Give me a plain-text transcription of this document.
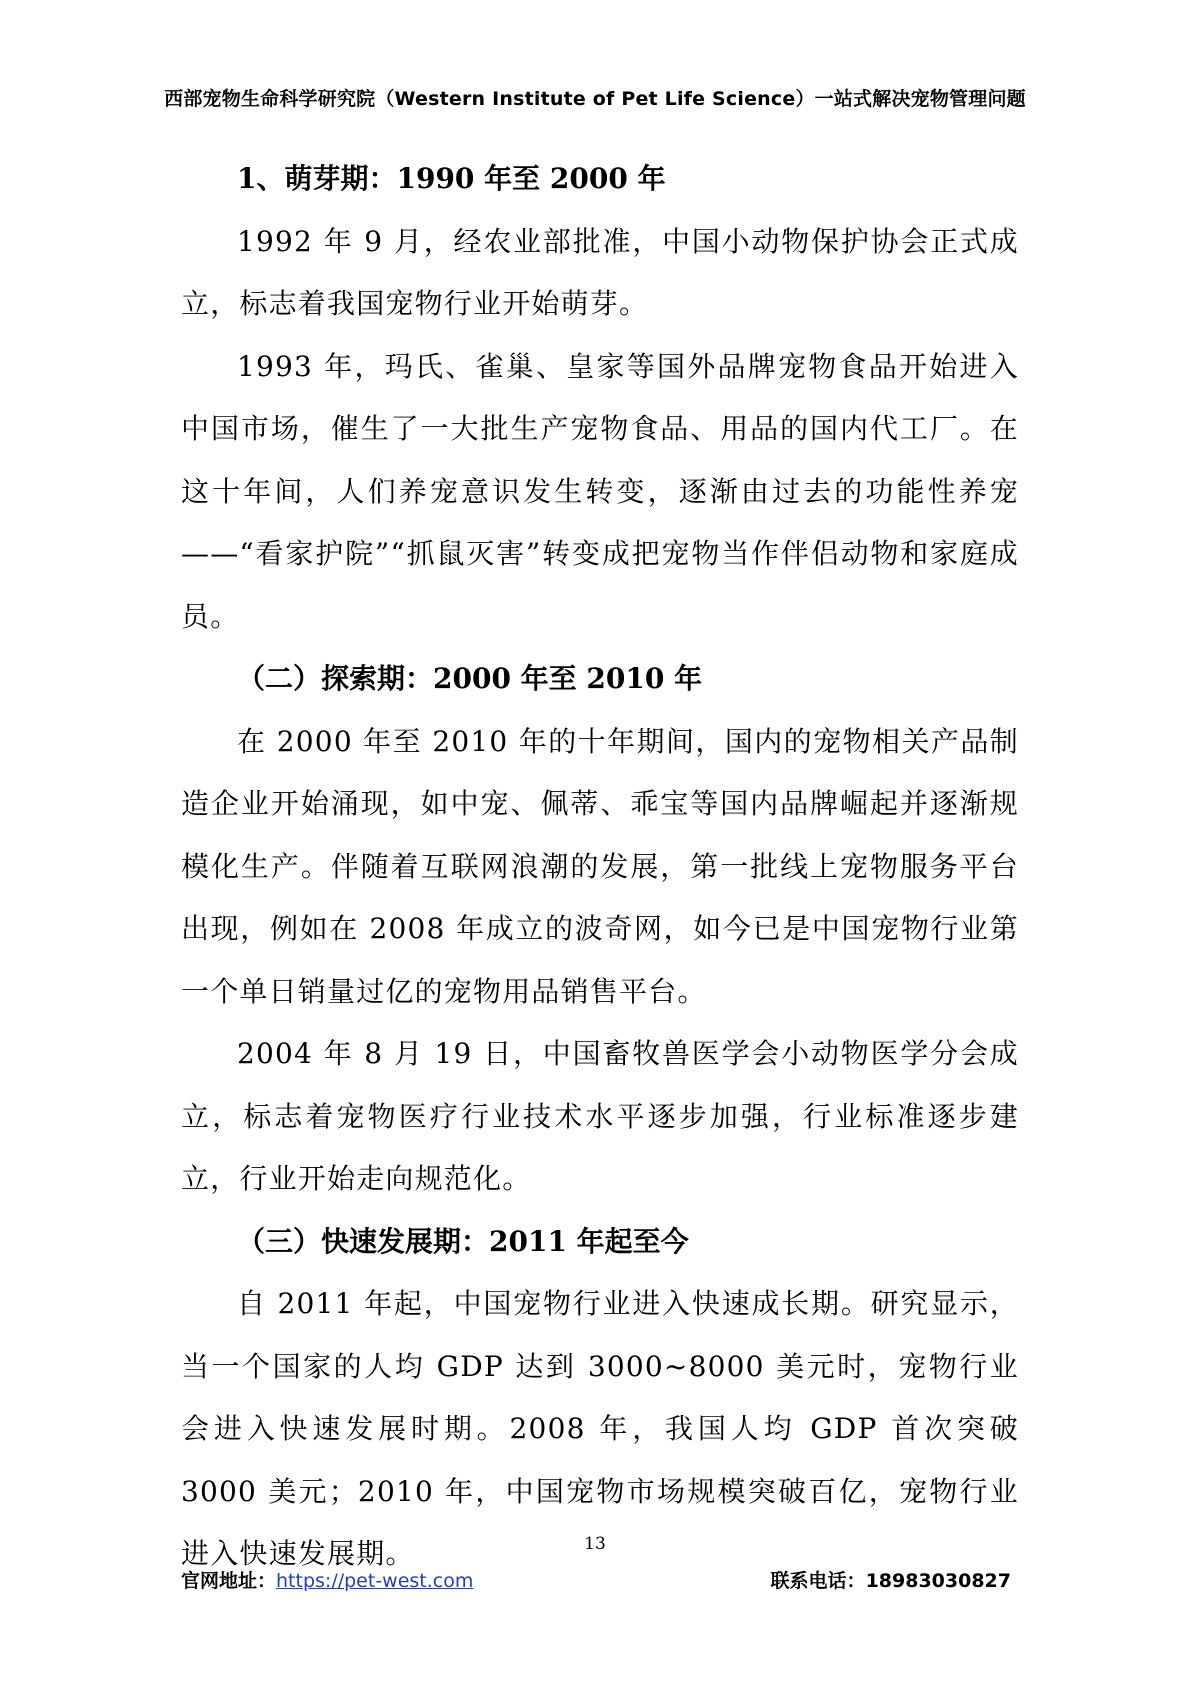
西部宠物生命科学研究院（Western Institute of Pet Life Science）一站式解决宠物管理问题
1、萌芽期：1990 年至 2000 年

1992 年 9 月，经农业部批准，中国小动物保护协会正式成立，标志着我国宠物行业开始萌芽。

1993 年，玛氏、雀巢、皇家等国外品牌宠物食品开始进入中国市场，催生了一大批生产宠物食品、用品的国内代工厂。在这十年间，人们养宠意识发生转变，逐渐由过去的功能性养宠——“看家护院”“抓鼠灭害”转变成把宠物当作伴侣动物和家庭成员。

（二）探索期：2000 年至 2010 年

在 2000 年至 2010 年的十年期间，国内的宠物相关产品制造企业开始涌现，如中宠、佩蒂、乖宝等国内品牌崛起并逐渐规模化生产。伴随着互联网浪潮的发展，第一批线上宠物服务平台出现，例如在 2008 年成立的波奇网，如今已是中国宠物行业第一个单日销量过亿的宠物用品销售平台。

2004 年 8 月 19 日，中国畜牧兽医学会小动物医学分会成立，标志着宠物医疗行业技术水平逐步加强，行业标准逐步建立，行业开始走向规范化。

（三）快速发展期：2011 年起至今

自 2011 年起，中国宠物行业进入快速成长期。研究显示，当一个国家的人均 GDP 达到 3000~8000 美元时，宠物行业会进入快速发展时期。2008 年，我国人均 GDP 首次突破 3000 美元；2010 年，中国宠物市场规模突破百亿，宠物行业进入快速发展期。	13
官网地址：https://pet-west.com	联系电话：18983030827
